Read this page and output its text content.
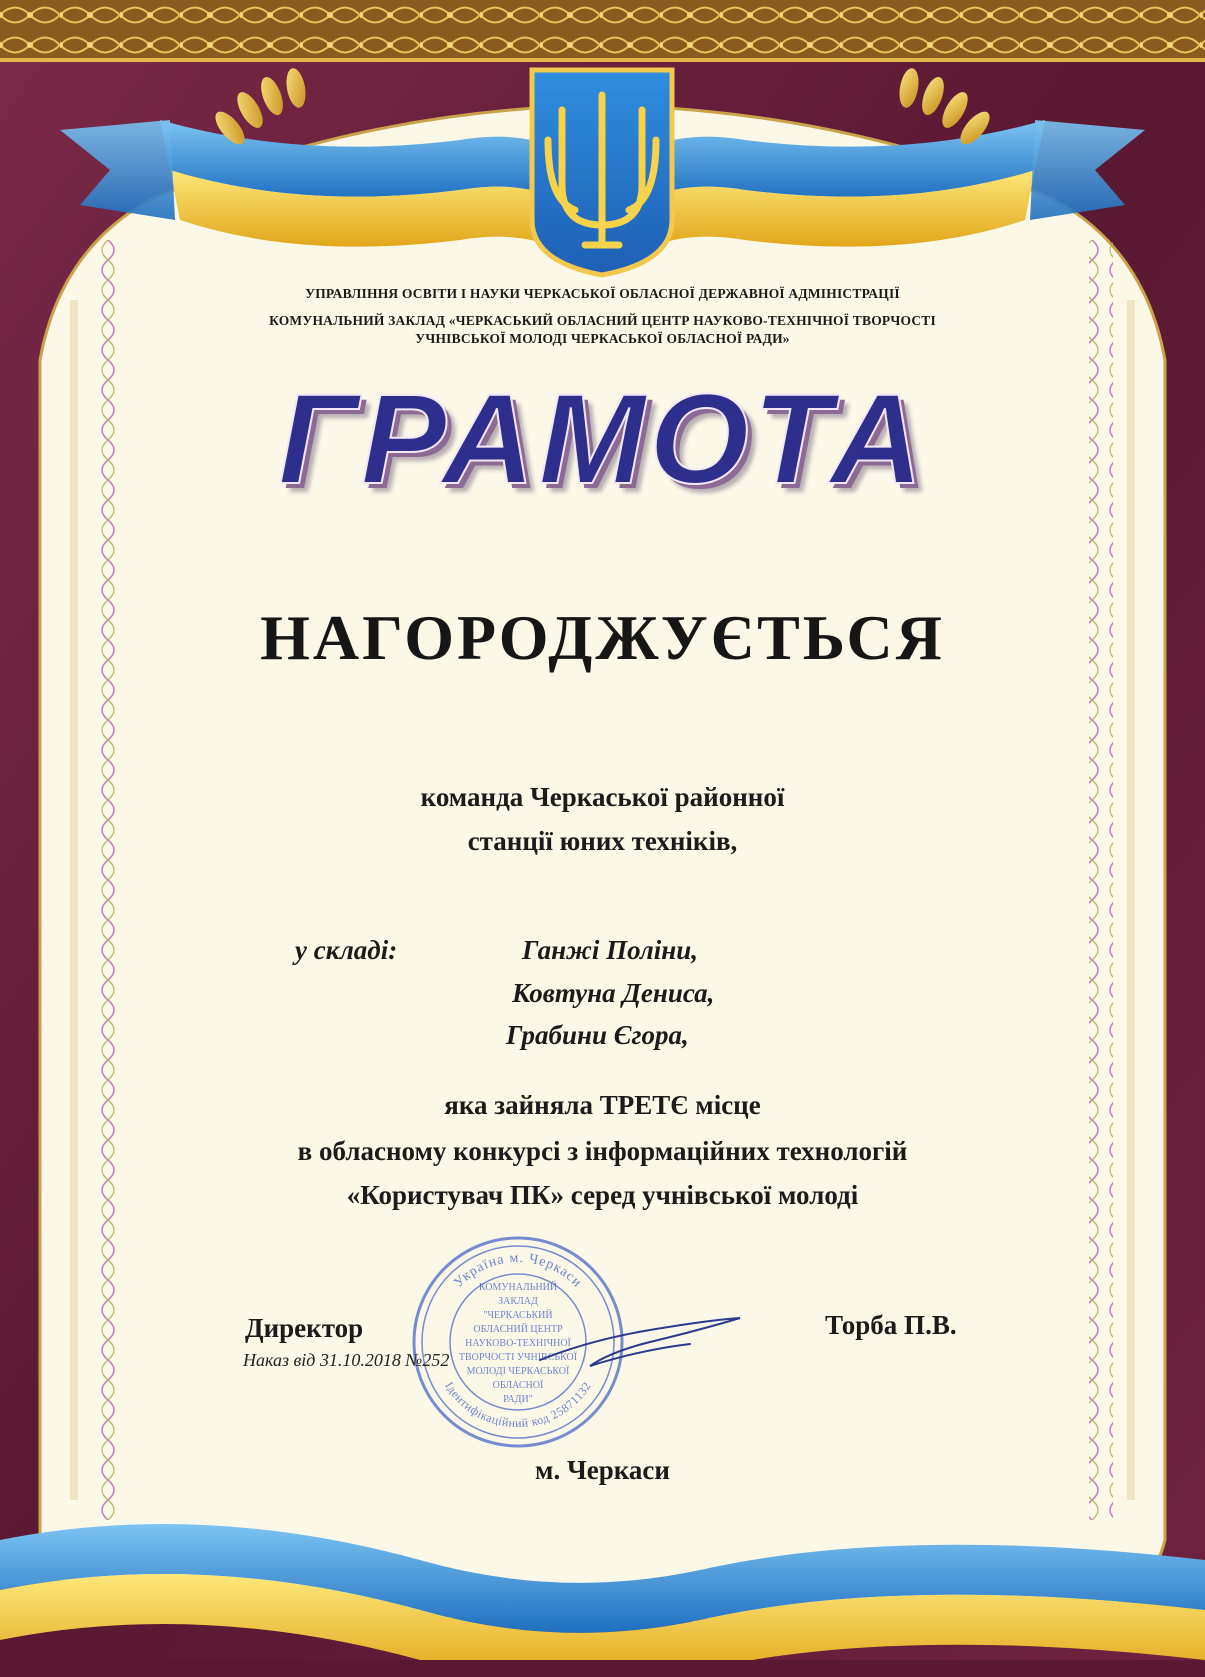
УПРАВЛІННЯ ОСВІТИ І НАУКИ ЧЕРКАСЬКОЇ ОБЛАСНОЇ ДЕРЖАВНОЇ АДМІНІСТРАЦІЇ
КОМУНАЛЬНИЙ ЗАКЛАД «ЧЕРКАСЬКИЙ ОБЛАСНИЙ ЦЕНТР НАУКОВО-ТЕХНІЧНОЇ ТВОРЧОСТІ
УЧНІВСЬКОЇ МОЛОДІ ЧЕРКАСЬКОЇ ОБЛАСНОЇ РАДИ»
ГРАМОТА
НАГОРОДЖУЄТЬСЯ
команда Черкаської районної
станції юних техніків,
у складі:	Ганжі Поліни,
Ковтуна Дениса,
Грабини Єгора,
яка зайняла ТРЕТЄ місце
в обласному конкурсі з інформаційних технологій
«Користувач ПК» серед учнівської молоді
Україна м. Черкаси
Ідентифікаційний код 25871132
КОМУНАЛЬНИЙ
ЗАКЛАД
"ЧЕРКАСЬКИЙ
ОБЛАСНИЙ ЦЕНТР
НАУКОВО-ТЕХНІЧНОЇ
ТВОРЧОСТІ УЧНІВСЬКОЇ
МОЛОДІ ЧЕРКАСЬКОЇ
ОБЛАСНОЇ
РАДИ"
Директор
Наказ від 31.10.2018 №252
Торба П.В.
м. Черкаси
